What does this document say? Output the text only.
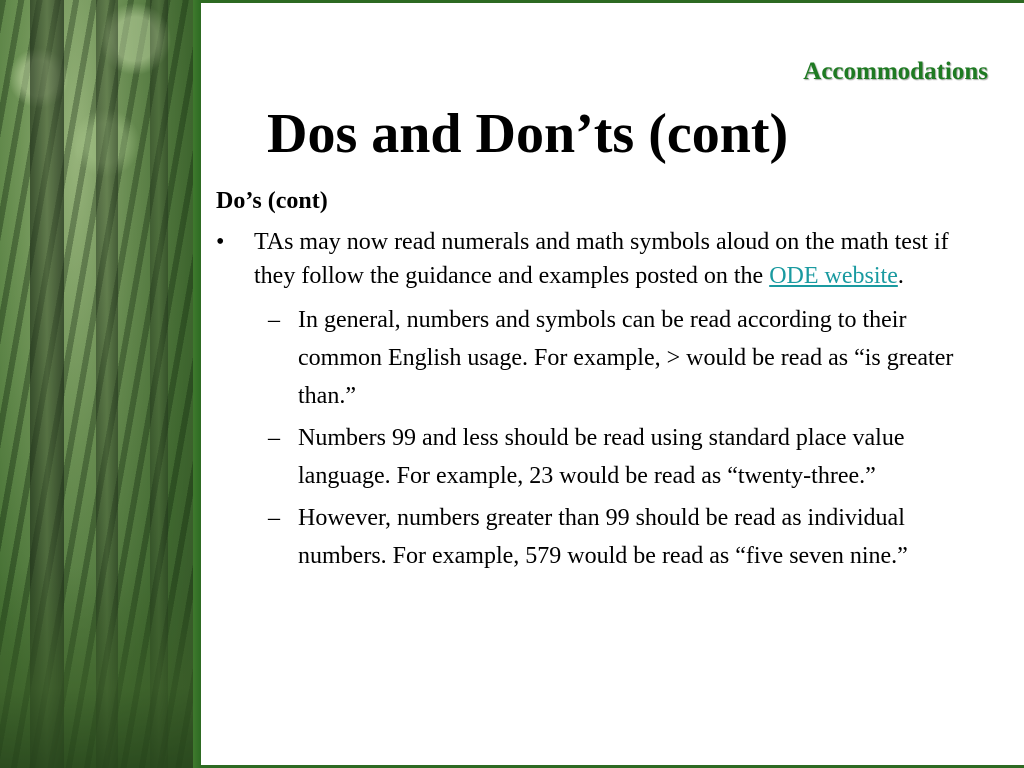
Accommodations
Dos and Don’ts (cont)
Do’s (cont)
• TAs may now read numerals and math symbols aloud on the math test if they follow the guidance and examples posted on the ODE website.
– In general, numbers and symbols can be read according to their common English usage. For example, > would be read as “is greater than.”
– Numbers 99 and less should be read using standard place value language. For example, 23 would be read as “twenty-three.”
– However, numbers greater than 99 should be read as individual numbers. For example, 579 would be read as “five seven nine.”
